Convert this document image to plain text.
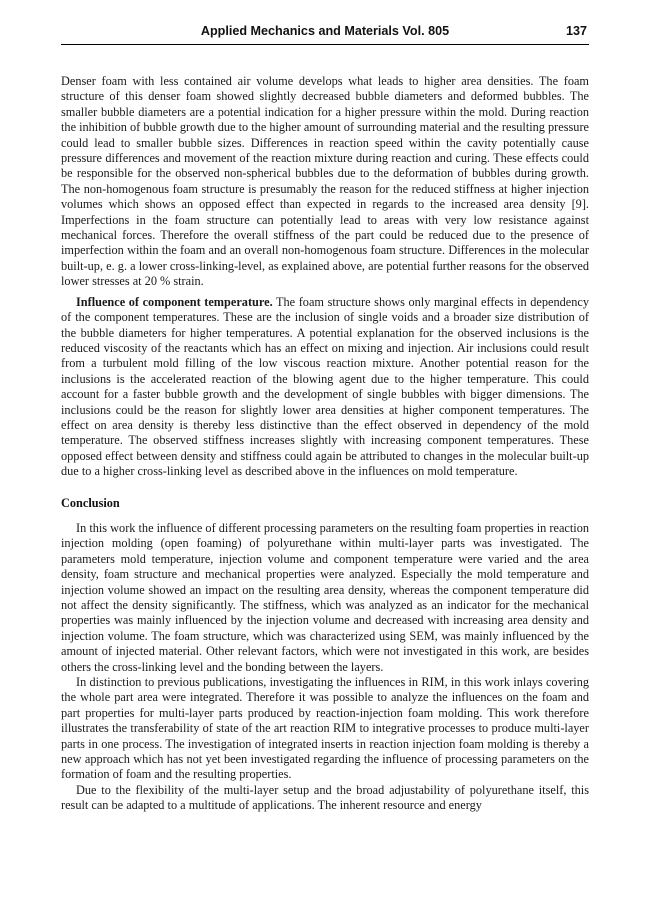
Applied Mechanics and Materials Vol. 805	137

Denser foam with less contained air volume develops what leads to higher area densities. The foam structure of this denser foam showed slightly decreased bubble diameters and deformed bubbles. The smaller bubble diameters are a potential indication for a higher pressure within the mold. During reaction the inhibition of bubble growth due to the higher amount of surrounding material and the resulting pressure could lead to smaller bubble sizes. Differences in reaction speed within the cavity potentially cause pressure differences and movement of the reaction mixture during reaction and curing. These effects could be responsible for the observed non-spherical bubbles due to the deformation of bubbles during growth. The non-homogenous foam structure is presumably the reason for the reduced stiffness at higher injection volumes which shows an opposed effect than expected in regards to the increased area density [9]. Imperfections in the foam structure can potentially lead to areas with very low resistance against mechanical forces. Therefore the overall stiffness of the part could be reduced due to the presence of imperfection within the foam and an overall non-homogenous foam structure. Differences in the molecular built-up, e. g. a lower cross-linking-level, as explained above, are potential further reasons for the observed lower stresses at 20 % strain.

Influence of component temperature. The foam structure shows only marginal effects in dependency of the component temperatures. These are the inclusion of single voids and a broader size distribution of the bubble diameters for higher temperatures. A potential explanation for the observed inclusions is the reduced viscosity of the reactants which has an effect on mixing and injection. Air inclusions could result from a turbulent mold filling of the low viscous reaction mixture. Another potential reason for the inclusions is the accelerated reaction of the blowing agent due to the higher temperature. This could account for a faster bubble growth and the development of single bubbles with bigger dimensions. The inclusions could be the reason for slightly lower area densities at higher component temperatures. The effect on area density is thereby less distinctive than the effect observed in dependency of the mold temperature. The observed stiffness increases slightly with increasing component temperatures. These opposed effect between density and stiffness could again be attributed to changes in the molecular built-up due to a higher cross-linking level as described above in the influences on mold temperature.

Conclusion

In this work the influence of different processing parameters on the resulting foam properties in reaction injection molding (open foaming) of polyurethane within multi-layer parts was investigated. The parameters mold temperature, injection volume and component temperature were varied and the area density, foam structure and mechanical properties were analyzed. Especially the mold temperature and injection volume showed an impact on the resulting area density, whereas the component temperature did not affect the density significantly. The stiffness, which was analyzed as an indicator for the mechanical properties was mainly influenced by the injection volume and decreased with increasing area density and injection volume. The foam structure, which was characterized using SEM, was mainly influenced by the amount of injected material. Other relevant factors, which were not investigated in this work, are besides others the cross-linking level and the bonding between the layers.

In distinction to previous publications, investigating the influences in RIM, in this work inlays covering the whole part area were integrated. Therefore it was possible to analyze the influences on the foam and part properties for multi-layer parts produced by reaction-injection foam molding. This work therefore illustrates the transferability of state of the art reaction RIM to integrative processes to produce multi-layer parts in one process. The investigation of integrated inserts in reaction injection foam molding is thereby a new approach which has not yet been investigated regarding the influence of processing parameters on the formation of foam and the resulting properties.

Due to the flexibility of the multi-layer setup and the broad adjustability of polyurethane itself, this result can be adapted to a multitude of applications. The inherent resource and energy
